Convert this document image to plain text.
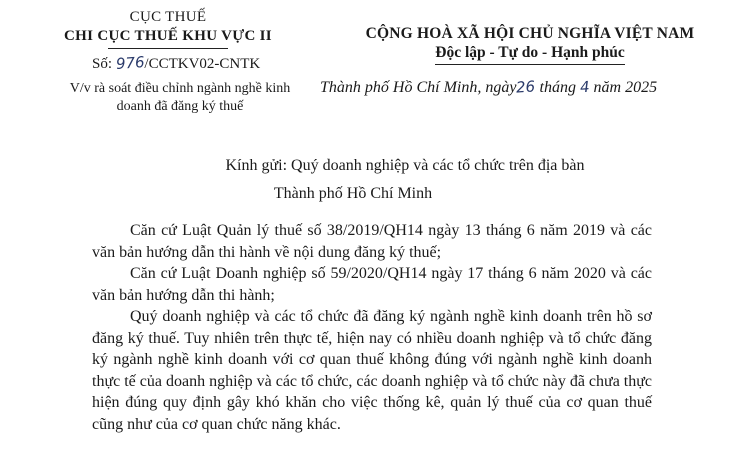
CỤC THUẾ
CHI CỤC THUẾ KHU VỰC II
Số: 976/CCTKV02-CNTK
V/v rà soát điều chỉnh ngành nghề kinh doanh đã đăng ký thuế
CỘNG HOÀ XÃ HỘI CHỦ NGHĨA VIỆT NAM
Độc lập - Tự do - Hạnh phúc
Thành phố Hồ Chí Minh, ngày26 tháng 4 năm 2025
Kính gửi: Quý doanh nghiệp và các tổ chức trên địa bàn
Thành phố Hồ Chí Minh

Căn cứ Luật Quản lý thuế số 38/2019/QH14 ngày 13 tháng 6 năm 2019 và các văn bản hướng dẫn thi hành về nội dung đăng ký thuế;

Căn cứ Luật Doanh nghiệp số 59/2020/QH14 ngày 17 tháng 6 năm 2020 và các văn bản hướng dẫn thi hành;

Quý doanh nghiệp và các tổ chức đã đăng ký ngành nghề kinh doanh trên hồ sơ đăng ký thuế. Tuy nhiên trên thực tế, hiện nay có nhiều doanh nghiệp và tổ chức đăng ký ngành nghề kinh doanh với cơ quan thuế không đúng với ngành nghề kinh doanh thực tế của doanh nghiệp và các tổ chức, các doanh nghiệp và tổ chức này đã chưa thực hiện đúng quy định gây khó khăn cho việc thống kê, quản lý thuế của cơ quan thuế cũng như của cơ quan chức năng khác.
